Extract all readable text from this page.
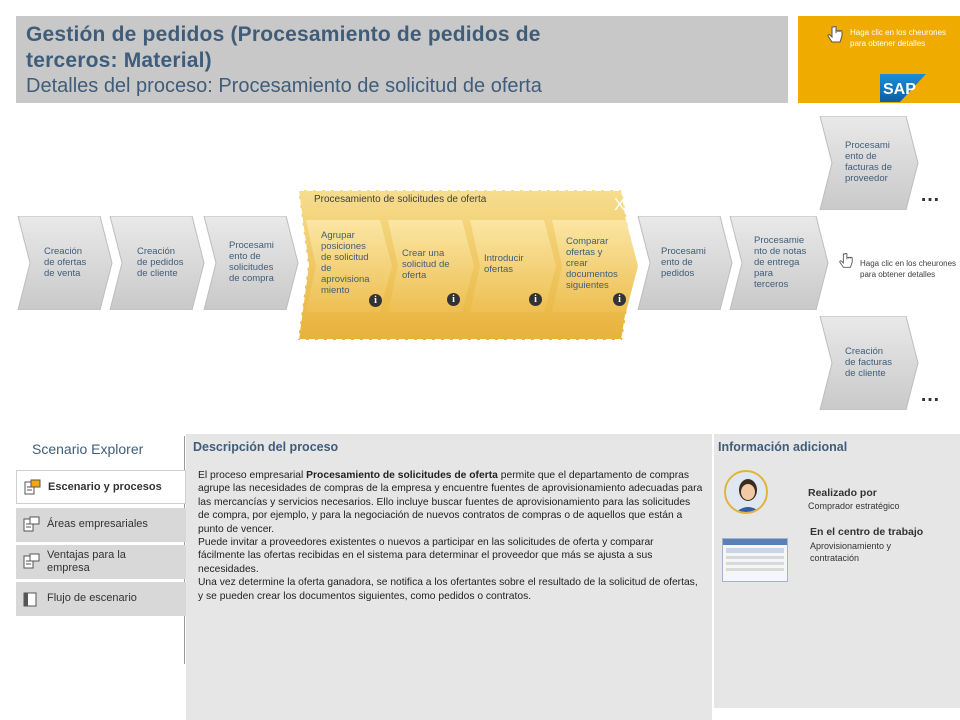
Gestión de pedidos (Procesamiento de pedidos de
terceros: Material)
Detalles del proceso: Procesamiento de solicitud de oferta
Haga clic en los cheurones
para obtener detalles
SAP
Creación
de ofertas
de venta
Creación
de pedidos
de cliente
Procesami
ento de
solicitudes
de compra
Procesamiento de solicitudes de oferta	X
Agrupar
posiciones
de solicitud
de
aprovisiona
miento
Crear una
solicitud de
oferta
Introducir
ofertas
Comparar
ofertas y
crear
documentos
siguientes
i	i	i	i
Procesami
ento de
pedidos
Procesamie
nto de notas
de entrega
para
terceros
Procesami
ento de
facturas de
proveedor
…
Haga clic en los cheurones
para obtener detalles
Creación
de facturas
de cliente
…
Scenario Explorer
Escenario y procesos
Áreas empresariales
Ventajas para la
empresa
Flujo de escenario
Descripción del proceso

El proceso empresarial Procesamiento de solicitudes de oferta permite que el departamento de compras agrupe las necesidades de compras de la empresa y encuentre fuentes de aprovisionamiento adecuadas para las mercancías y servicios necesarios. Ello incluye buscar fuentes de aprovisionamiento para las solicitudes de compra, por ejemplo, y para la negociación de nuevos contratos de compras o de aquellos que están a punto de vencer.

Puede invitar a proveedores existentes o nuevos a participar en las solicitudes de oferta y comparar fácilmente las ofertas recibidas en el sistema para determinar el proveedor que más se ajusta a sus necesidades.

Una vez determine la oferta ganadora, se notifica a los ofertantes sobre el resultado de la solicitud de ofertas, y se pueden crear los documentos siguientes, como pedidos o contratos.

Información adicional
Realizado por
Comprador estratégico
En el centro de trabajo
Aprovisionamiento y
contratación
